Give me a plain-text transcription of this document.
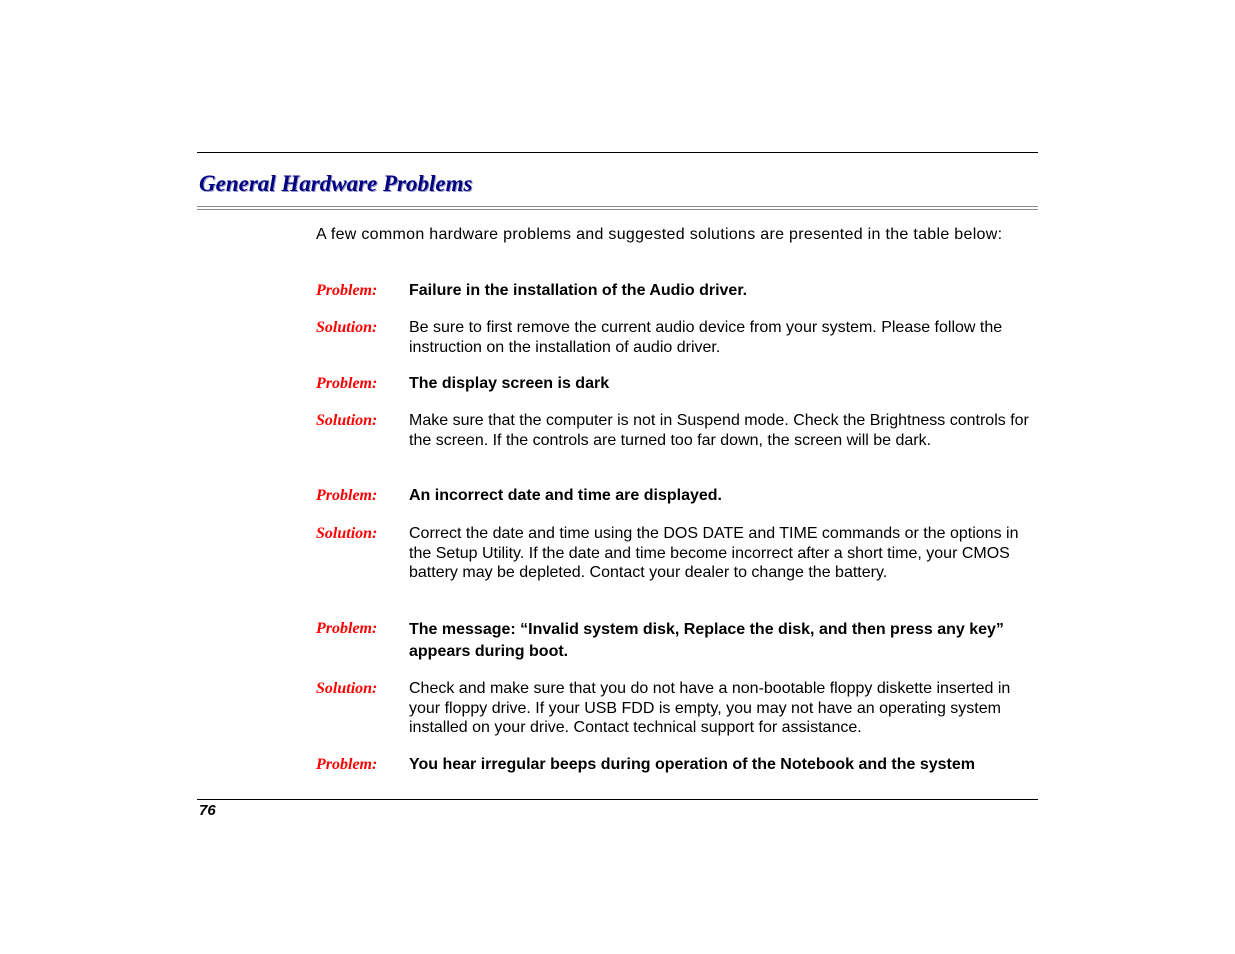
General Hardware Problems

A few common hardware problems and suggested solutions are presented in the table below:

Problem: Failure in the installation of the Audio driver.
Solution: Be sure to first remove the current audio device from your system. Please follow the instruction on the installation of audio driver.
Problem: The display screen is dark
Solution: Make sure that the computer is not in Suspend mode. Check the Brightness controls for the screen. If the controls are turned too far down, the screen will be dark.
Problem: An incorrect date and time are displayed.
Solution: Correct the date and time using the DOS DATE and TIME commands or the options in the Setup Utility. If the date and time become incorrect after a short time, your CMOS battery may be depleted. Contact your dealer to change the battery.
Problem: The message: “Invalid system disk, Replace the disk, and then press any key” appears during boot.
Solution: Check and make sure that you do not have a non-bootable floppy diskette inserted in your floppy drive. If your USB FDD is empty, you may not have an operating system installed on your drive. Contact technical support for assistance.
Problem: You hear irregular beeps during operation of the Notebook and the system
76
